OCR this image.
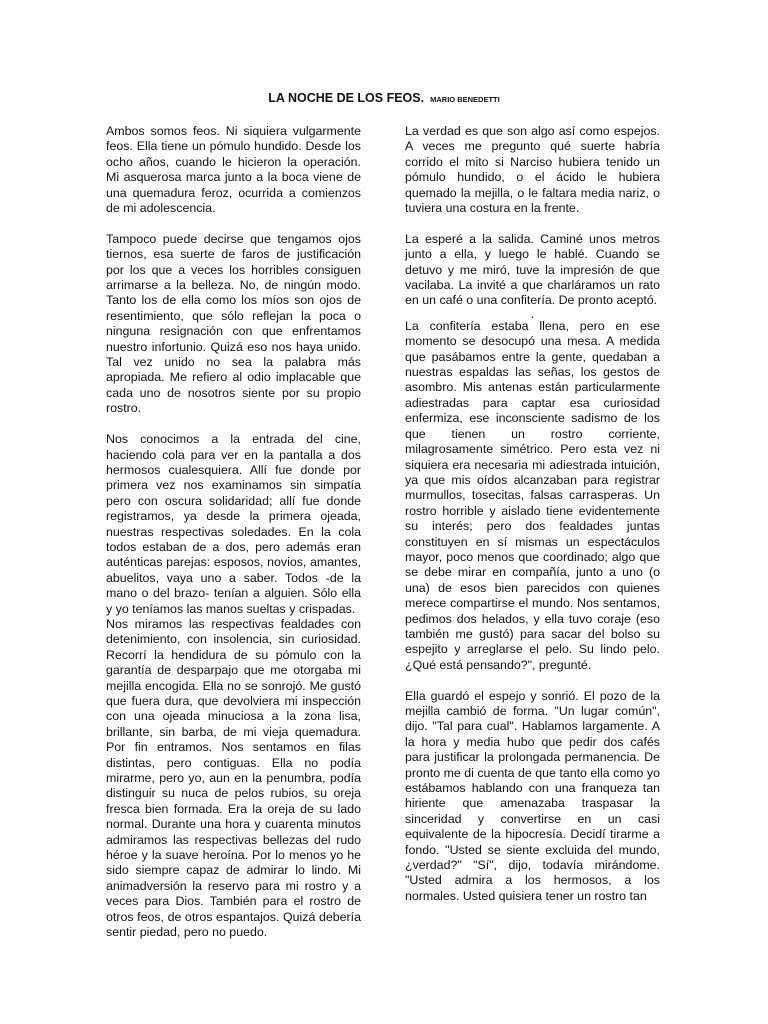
LA NOCHE DE LOS FEOS. MARIO BENEDETTI

Ambos somos feos. Ni siquiera vulgarmente feos. Ella tiene un pómulo hundido. Desde los ocho años, cuando le hicieron la operación. Mi asquerosa marca junto a la boca viene de una quemadura feroz, ocurrida a comienzos de mi adolescencia.

Tampoco puede decirse que tengamos ojos tiernos, esa suerte de faros de justificación por los que a veces los horribles consiguen arrimarse a la belleza. No, de ningún modo. Tanto los de ella como los míos son ojos de resentimiento, que sólo reflejan la poca o ninguna resignación con que enfrentamos nuestro infortunio. Quizá eso nos haya unido. Tal vez unido no sea la palabra más apropiada. Me refiero al odio implacable que cada uno de nosotros siente por su propio rostro.

Nos conocimos a la entrada del cine, haciendo cola para ver en la pantalla a dos hermosos cualesquiera. Allí fue donde por primera vez nos examinamos sin simpatía pero con oscura solidaridad; allí fue donde registramos, ya desde la primera ojeada, nuestras respectivas soledades. En la cola todos estaban de a dos, pero además eran auténticas parejas: esposos, novios, amantes, abuelitos, vaya uno a saber. Todos -de la mano o del brazo- tenían a alguien. Sólo ella y yo teníamos las manos sueltas y crispadas.

Nos miramos las respectivas fealdades con detenimiento, con insolencia, sin curiosidad. Recorrí la hendidura de su pómulo con la garantía de desparpajo que me otorgaba mi mejilla encogida. Ella no se sonrojó. Me gustó que fuera dura, que devolviera mi inspección con una ojeada minuciosa a la zona lisa, brillante, sin barba, de mi vieja quemadura. Por fin entramos. Nos sentamos en filas distintas, pero contiguas. Ella no podía mirarme, pero yo, aun en la penumbra, podía distinguir su nuca de pelos rubios, su oreja fresca bien formada. Era la oreja de su lado normal. Durante una hora y cuarenta minutos admiramos las respectivas bellezas del rudo héroe y la suave heroína. Por lo menos yo he sido siempre capaz de admirar lo lindo. Mi animadversión la reservo para mi rostro y a veces para Dios. También para el rostro de otros feos, de otros espantajos. Quizá debería sentir piedad, pero no puedo.

La verdad es que son algo así como espejos. A veces me pregunto qué suerte habría corrido el mito si Narciso hubiera tenido un pómulo hundido, o el ácido le hubiera quemado la mejilla, o le faltara media nariz, o tuviera una costura en la frente.

La esperé a la salida. Caminé unos metros junto a ella, y luego le hablé. Cuando se detuvo y me miró, tuve la impresión de que vacilaba. La invité a que charláramos un rato en un café o una confitería. De pronto aceptó.

.

La confitería estaba llena, pero en ese momento se desocupó una mesa. A medida que pasábamos entre la gente, quedaban a nuestras espaldas las señas, los gestos de asombro. Mis antenas están particularmente adiestradas para captar esa curiosidad enfermiza, ese inconsciente sadismo de los que tienen un rostro corriente, milagrosamente simétrico. Pero esta vez ni siquiera era necesaria mi adiestrada intuición, ya que mis oídos alcanzaban para registrar murmullos, tosecitas, falsas carrasperas. Un rostro horrible y aislado tiene evidentemente su interés; pero dos fealdades juntas constituyen en sí mismas un espectáculos mayor, poco menos que coordinado; algo que se debe mirar en compañía, junto a uno (o una) de esos bien parecidos con quienes merece compartirse el mundo. Nos sentamos, pedimos dos helados, y ella tuvo coraje (eso también me gustó) para sacar del bolso su espejito y arreglarse el pelo. Su lindo pelo. ¿Qué está pensando?", pregunté.

Ella guardó el espejo y sonrió. El pozo de la mejilla cambió de forma. "Un lugar común", dijo. "Tal para cual". Hablamos largamente. A la hora y media hubo que pedir dos cafés para justificar la prolongada permanencia. De pronto me di cuenta de que tanto ella como yo estábamos hablando con una franqueza tan hiriente que amenazaba traspasar la sinceridad y convertirse en un casi equivalente de la hipocresía. Decidí tirarme a fondo. "Usted se siente excluida del mundo, ¿verdad?" "Sí", dijo, todavía mirándome. "Usted admira a los hermosos, a los normales. Usted quisiera tener un rostro tan
